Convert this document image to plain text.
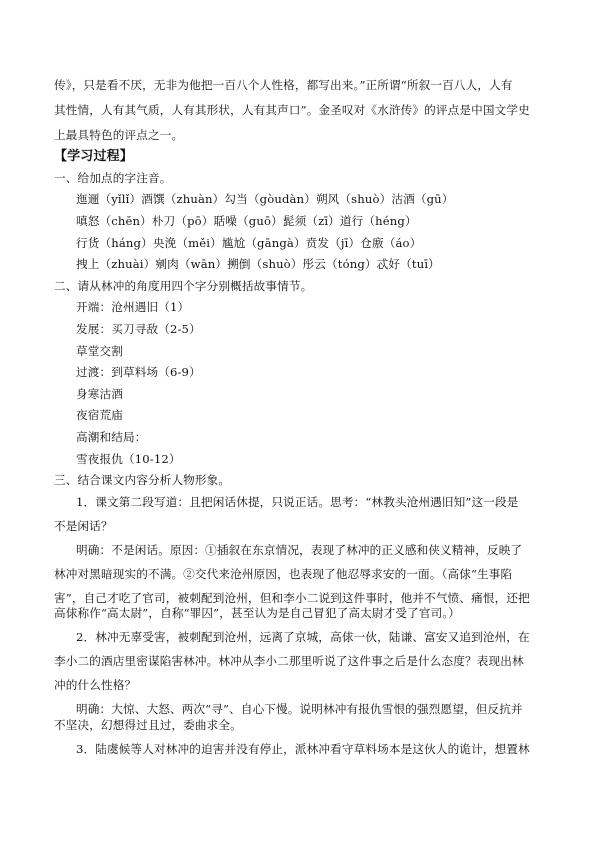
传》，只是看不厌，无非为他把一百八个人性格，都写出来。”正所谓“所叙一百八人，人有
其性情，人有其气质，人有其形状，人有其声口”。金圣叹对《水浒传》的评点是中国文学史
上最具特色的评点之一。
【学习过程】
一、给加点的字注音。
迤逦（yǐlǐ）酒馔（zhuàn）勾当（gòudàn）朔风（shuò）沽酒（gū）
嗔怒（chēn）朴刀（pō）聒噪（guō）髭须（zī）道行（héng）
行货（háng）央浼（měi）尴尬（gāngà）贲发（jī）仓廒（áo）
拽上（zhuài）剜肉（wān）搠倒（shuò）彤云（tóng）忒好（tuī）
二、请从林冲的角度用四个字分别概括故事情节。
开端：沧州遇旧（1）
发展：买刀寻敌（2-5）
草堂交割
过渡：到草料场（6-9）
身寒沽酒
夜宿荒庙
高潮和结局：
雪夜报仇（10-12）
三、结合课文内容分析人物形象。
1．课文第二段写道：且把闲话休提，只说正话。思考：“林教头沧州遇旧知”这一段是
不是闲话？
明确：不是闲话。原因：①插叙在东京情况，表现了林冲的正义感和侠义精神，反映了
林冲对黑暗现实的不满。②交代来沧州原因，也表现了他忍辱求安的一面。（高俅“生事陷
害”，自己才吃了官司，被刺配到沧州，但和李小二说到这件事时，他并不气愤、痛恨，还把
高俅称作“高太尉”，自称“罪囚”，甚至认为是自己冒犯了高太尉才受了官司。）
2．林冲无辜受害，被刺配到沧州，远离了京城，高俅一伙，陆谦、富安又追到沧州，在
李小二的酒店里密谋陷害林冲。林冲从李小二那里听说了这件事之后是什么态度？表现出林
冲的什么性格？
明确：大惊、大怒、两次“寻”、自心下慢。说明林冲有报仇雪恨的强烈愿望，但反抗并
不坚决，幻想得过且过，委曲求全。
3．陆虞候等人对林冲的迫害并没有停止，派林冲看守草料场本是这伙人的诡计，想置林
